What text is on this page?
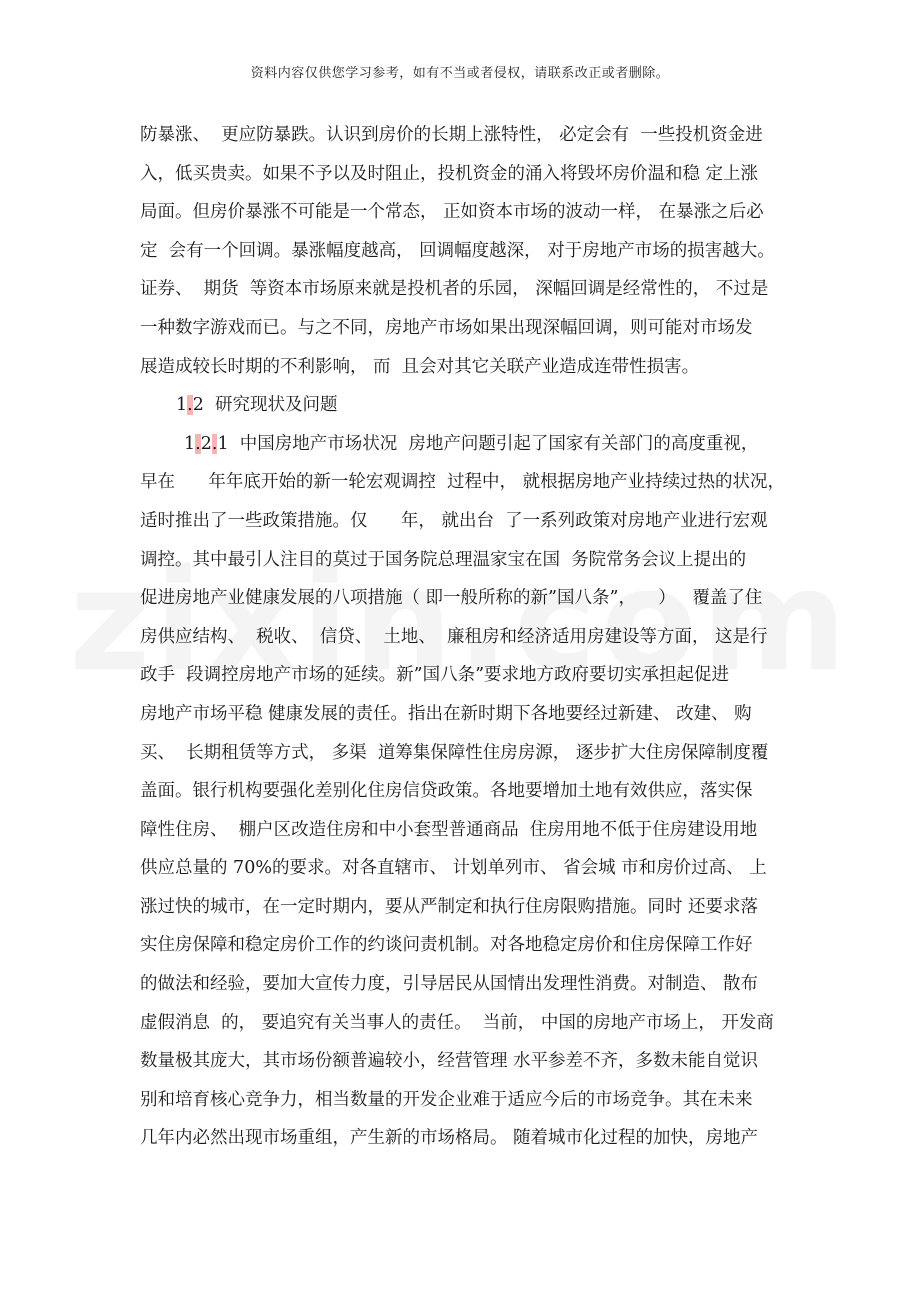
资料内容仅供您学习参考，如有不当或者侵权，请联系改正或者删除。
防暴涨、  更应防暴跌。认识到房价的长期上涨特性， 必定会有  一些投机资金进
入，低买贵卖。如果不予以及时阻止，投机资金的涌入将毁坏房价温和稳 定上涨
局面。但房价暴涨不可能是一个常态， 正如资本市场的波动一样， 在暴涨之后必
定  会有一个回调。暴涨幅度越高， 回调幅度越深， 对于房地产市场的损害越大。
证券、  期货  等资本市场原来就是投机者的乐园， 深幅回调是经常性的， 不过是
一种数字游戏而已。与之不同，房地产市场如果出现深幅回调，则可能对市场发
展造成较长时期的不利影响， 而  且会对其它关联产业造成连带性损害。
1.2  研究现状及问题
1.2.1  中国房地产市场状况  房地产问题引起了国家有关部门的高度重视，
早在      年年底开始的新一轮宏观调控  过程中， 就根据房地产业持续过热的状况，
适时推出了一些政策措施。仅      年， 就出台  了一系列政策对房地产业进行宏观
调控。其中最引人注目的莫过于国务院总理温家宝在国  务院常务会议上提出的
促进房地产业健康发展的八项措施（ 即一般所称的新”国八条”，    ）   覆盖了住
房供应结构、  税收、  信贷、  土地、  廉租房和经济适用房建设等方面， 这是行
政手  段调控房地产市场的延续。新”国八条”要求地方政府要切实承担起促进
房地产市场平稳 健康发展的责任。指出在新时期下各地要经过新建、 改建、 购
买、  长期租赁等方式， 多渠  道筹集保障性住房房源， 逐步扩大住房保障制度覆
盖面。银行机构要强化差别化住房信贷政策。各地要增加土地有效供应，落实保
障性住房、  棚户区改造住房和中小套型普通商品  住房用地不低于住房建设用地
供应总量的 70%的要求。对各直辖市、 计划单列市、 省会城 市和房价过高、 上
涨过快的城市，在一定时期内，要从严制定和执行住房限购措施。同时 还要求落
实住房保障和稳定房价工作的约谈问责机制。对各地稳定房价和住房保障工作好
的做法和经验，要加大宣传力度，引导居民从国情出发理性消费。对制造、 散布
虚假消息  的， 要追究有关当事人的责任。  当前， 中国的房地产市场上， 开发商
数量极其庞大，其市场份额普遍较小，经营管理 水平参差不齐，多数未能自觉识
别和培育核心竞争力，相当数量的开发企业难于适应今后的市场竞争。其在未来
几年内必然出现市场重组，产生新的市场格局。 随着城市化过程的加快，房地产
